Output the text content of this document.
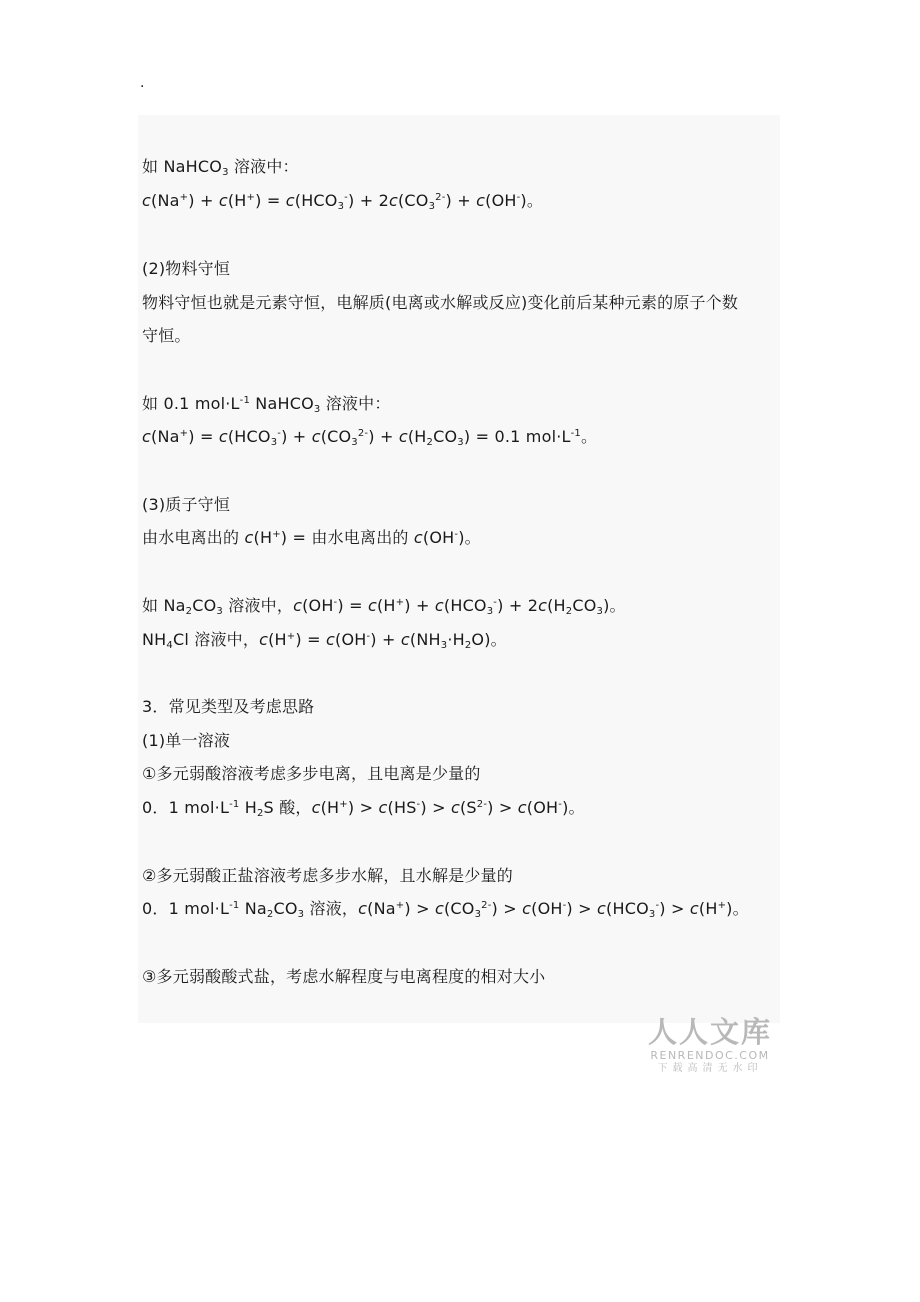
.
如 NaHCO$_3$ 溶液中：
$c(Na^+) + c(H^+) = c(HCO_3^-) + 2c(CO_3^{2-}) + c(OH^-)$。
(2)物料守恒
物料守恒也就是元素守恒，电解质(电离或水解或反应)变化前后某种元素的原子个数
守恒。
如 0.1 $mol\cdot L^{-1}$ NaHCO$_3$ 溶液中：
$c(Na^+) = c(HCO_3^-) + c(CO_3^{2-}) + c(H_2CO_3) = 0.1$ $mol\cdot L^{-1}$。
(3)质子守恒
由水电离出的 c(H+) = 由水电离出的 c(OH-)。
如 $Na_2CO_3$ 溶液中，$c(OH^-) = c(H^+) + c(HCO_3^-) + 2c(H_2CO_3)$。
$NH_4Cl$ 溶液中，$c(H^+) = c(OH^-) + c(NH_3\cdot H_2O)$。
3．常见类型及考虑思路
(1)单一溶液
①多元弱酸溶液考虑多步电离，且电离是少量的
0．1 $mol\cdot L^{-1}$ $H_2S$ 酸，$c(H^+) > c(HS^-) > c(S^{2-}) > c(OH^-)$。
②多元弱酸正盐溶液考虑多步水解，且水解是少量的
0．1 $mol\cdot L^{-1}$ $Na_2CO_3$ 溶液，$c(Na^+) > c(CO_3^{2-}) > c(OH^-) > c(HCO_3^-) > c(H^+)$。
③多元弱酸酸式盐，考虑水解程度与电离程度的相对大小
人人文库
RENRENDOC.COM
下载高清无水印
